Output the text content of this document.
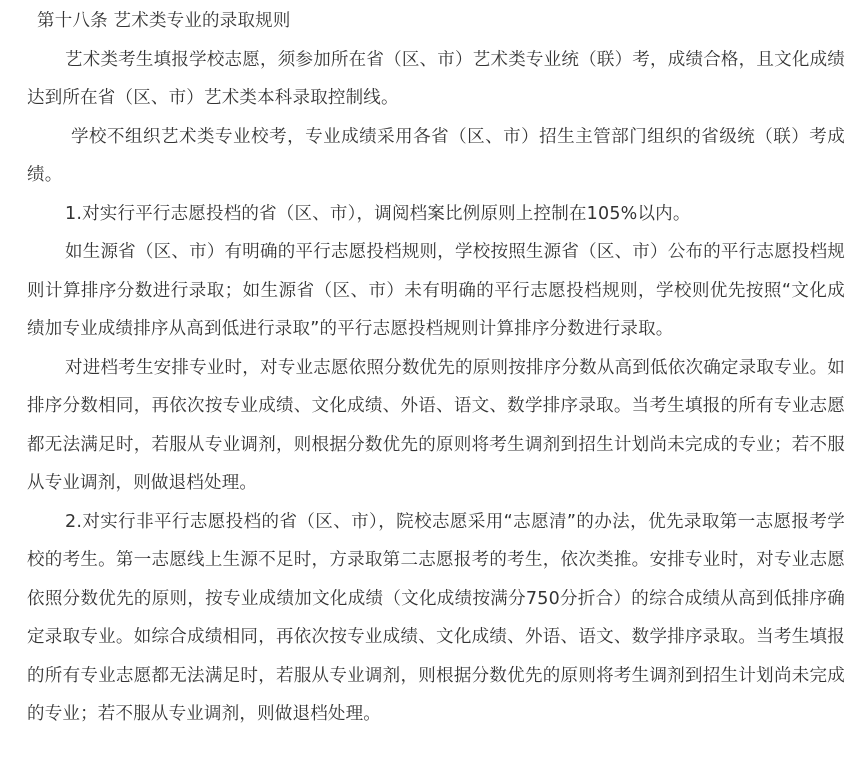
第十八条 艺术类专业的录取规则

艺术类考生填报学校志愿，须参加所在省（区、市）艺术类专业统（联）考，成绩合格，且文化成绩达到所在省（区、市）艺术类本科录取控制线。

学校不组织艺术类专业校考，专业成绩采用各省（区、市）招生主管部门组织的省级统（联）考成绩。

1.对实行平行志愿投档的省（区、市），调阅档案比例原则上控制在105%以内。

如生源省（区、市）有明确的平行志愿投档规则，学校按照生源省（区、市）公布的平行志愿投档规则计算排序分数进行录取；如生源省（区、市）未有明确的平行志愿投档规则，学校则优先按照“文化成绩加专业成绩排序从高到低进行录取”的平行志愿投档规则计算排序分数进行录取。

对进档考生安排专业时，对专业志愿依照分数优先的原则按排序分数从高到低依次确定录取专业。如排序分数相同，再依次按专业成绩、文化成绩、外语、语文、数学排序录取。当考生填报的所有专业志愿都无法满足时，若服从专业调剂，则根据分数优先的原则将考生调剂到招生计划尚未完成的专业；若不服从专业调剂，则做退档处理。

2.对实行非平行志愿投档的省（区、市），院校志愿采用“志愿清”的办法，优先录取第一志愿报考学校的考生。第一志愿线上生源不足时，方录取第二志愿报考的考生，依次类推。安排专业时，对专业志愿依照分数优先的原则，按专业成绩加文化成绩（文化成绩按满分750分折合）的综合成绩从高到低排序确定录取专业。如综合成绩相同，再依次按专业成绩、文化成绩、外语、语文、数学排序录取。当考生填报的所有专业志愿都无法满足时，若服从专业调剂，则根据分数优先的原则将考生调剂到招生计划尚未完成的专业；若不服从专业调剂，则做退档处理。
